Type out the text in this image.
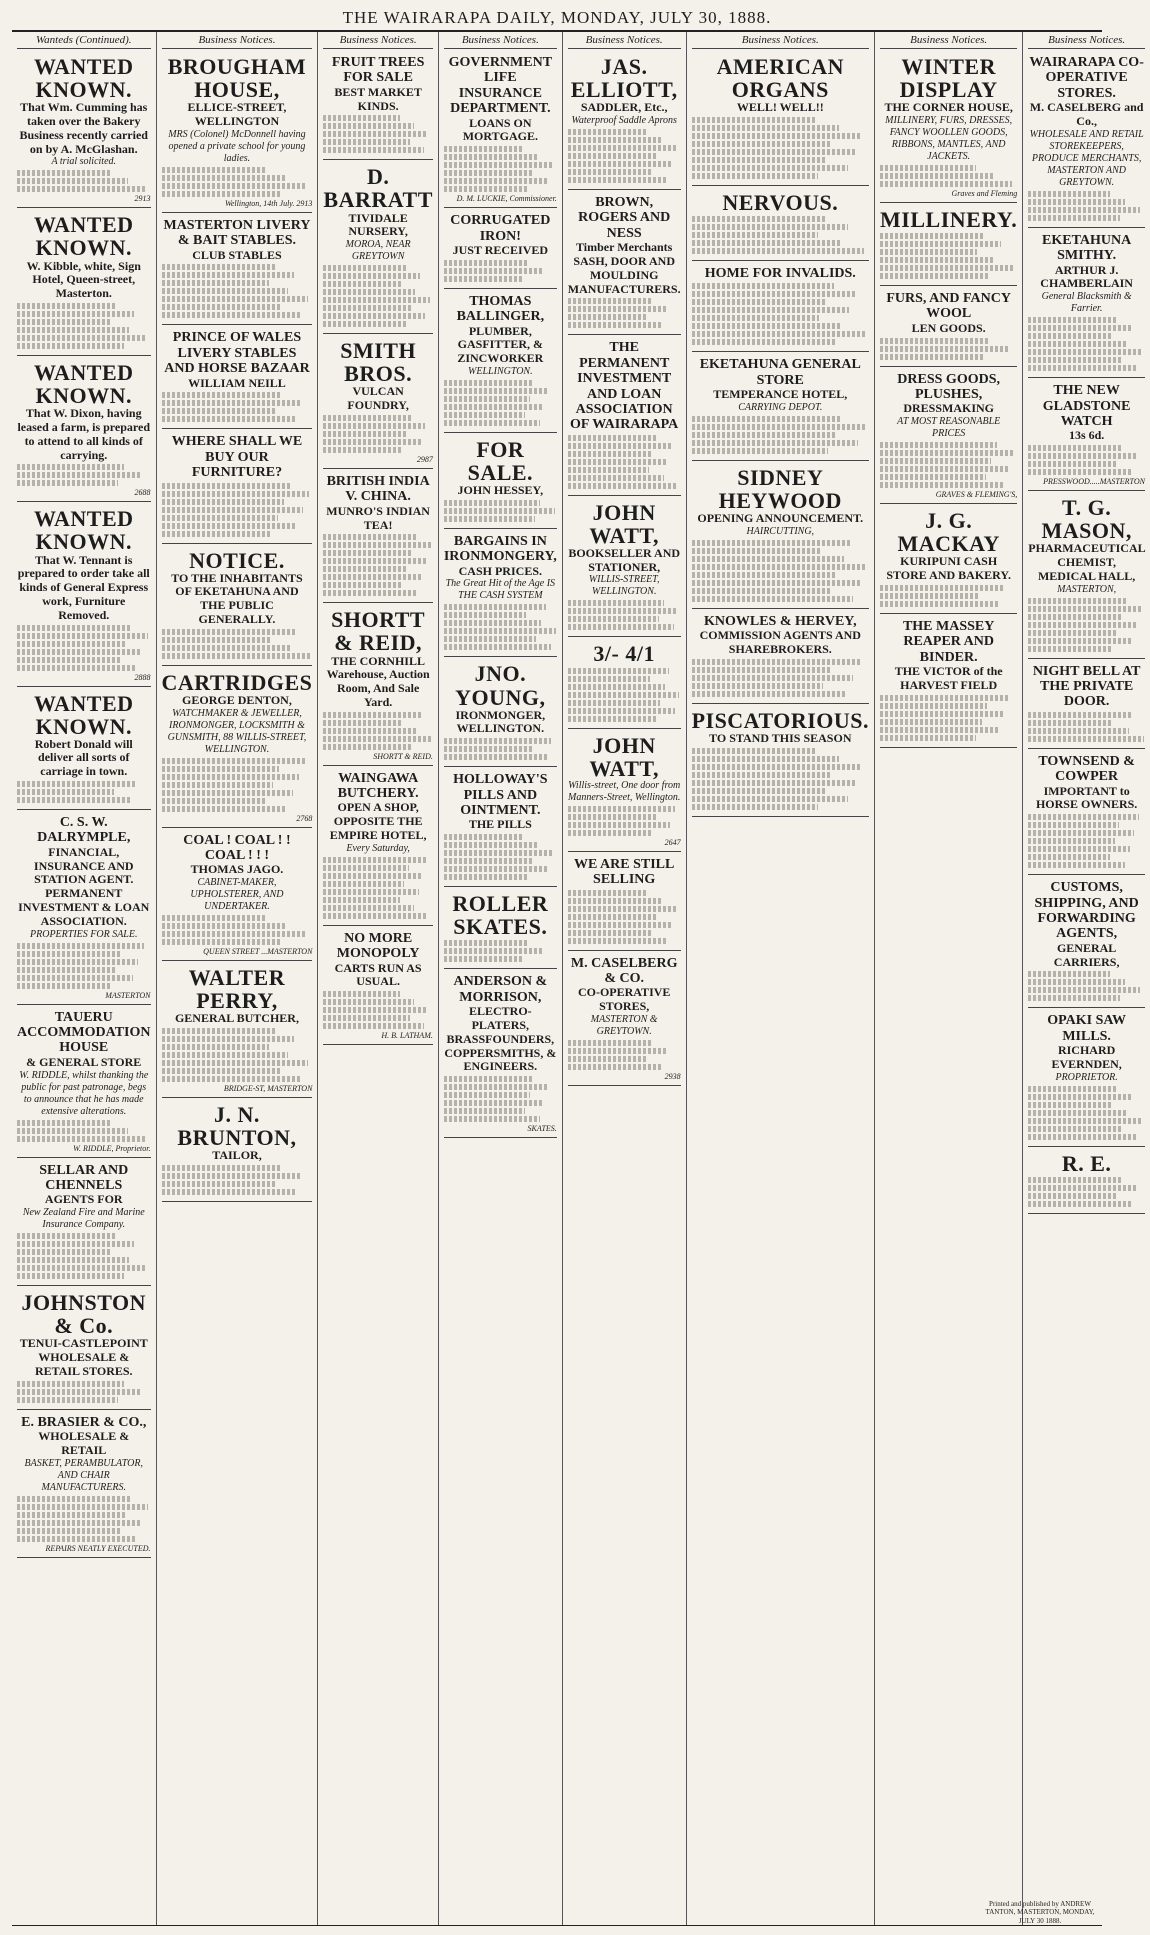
THE WAIRARAPA DAILY, MONDAY, JULY 30, 1888.
Wanteds (Continued).
WANTED KNOWN.
That Wm. Cumming has taken over the Bakery Business recently carried on by A. McGlashan.
A trial solicited.
2913
WANTED KNOWN.
W. Kibble, white, Sign Hotel, Queen-street, Masterton.
WANTED KNOWN.
That W. Dixon, having leased a farm, is prepared to attend to all kinds of carrying.
2688
WANTED KNOWN.
That W. Tennant is prepared to order take all kinds of General Express work, Furniture Removed.
2888
WANTED KNOWN.
Robert Donald will deliver all sorts of carriage in town.
C. S. W. DALRYMPLE,
FINANCIAL, INSURANCE AND STATION AGENT. PERMANENT INVESTMENT & LOAN ASSOCIATION.
PROPERTIES FOR SALE.
MASTERTON
TAUERU ACCOMMODATION HOUSE
& GENERAL STORE
W. RIDDLE, whilst thanking the public for past patronage, begs to announce that he has made extensive alterations.
W. RIDDLE, Proprietor.
SELLAR AND CHENNELS
AGENTS FOR
New Zealand Fire and Marine Insurance Company.
JOHNSTON & Co.
TENUI-CASTLEPOINT WHOLESALE & RETAIL STORES.
E. BRASIER & CO.,
WHOLESALE & RETAIL
BASKET, PERAMBULATOR, AND CHAIR MANUFACTURERS.
REPAIRS NEATLY EXECUTED.
Business Notices.
BROUGHAM HOUSE,
ELLICE-STREET, WELLINGTON
MRS (Colonel) McDonnell having opened a private school for young ladies.
Wellington, 14th July. 2913
MASTERTON LIVERY & BAIT STABLES.
CLUB STABLES
PRINCE OF WALES LIVERY STABLES AND HORSE BAZAAR
WILLIAM NEILL
WHERE SHALL WE BUY OUR FURNITURE?
NOTICE.
TO THE INHABITANTS OF EKETAHUNA AND THE PUBLIC GENERALLY.
CARTRIDGES
GEORGE DENTON,
WATCHMAKER & JEWELLER, IRONMONGER, LOCKSMITH & GUNSMITH, 88 WILLIS-STREET, WELLINGTON.
2768
COAL ! COAL ! ! COAL ! ! !
THOMAS JAGO.
CABINET-MAKER, UPHOLSTERER, AND UNDERTAKER.
QUEEN STREET ...MASTERTON
WALTER PERRY,
GENERAL BUTCHER,
BRIDGE-ST, MASTERTON
J. N. BRUNTON,
TAILOR,
Business Notices.
FRUIT TREES FOR SALE
BEST MARKET KINDS.
D. BARRATT
TIVIDALE NURSERY,
MOROA, NEAR GREYTOWN
SMITH BROS.
VULCAN FOUNDRY,
2987
BRITISH INDIA V. CHINA.
MUNRO'S INDIAN TEA!
SHORTT & REID,
THE CORNHILL Warehouse, Auction Room, And Sale Yard.
SHORTT & REID.
WAINGAWA BUTCHERY.
OPEN A SHOP, OPPOSITE THE EMPIRE HOTEL,
Every Saturday,
NO MORE MONOPOLY
CARTS RUN AS USUAL.
H. B. LATHAM.
Business Notices.
GOVERNMENT LIFE INSURANCE DEPARTMENT.
LOANS ON MORTGAGE.
D. M. LUCKIE, Commissioner.
CORRUGATED IRON!
JUST RECEIVED
THOMAS BALLINGER,
PLUMBER, GASFITTER, & ZINCWORKER
WELLINGTON.
FOR SALE.
JOHN HESSEY,
BARGAINS IN IRONMONGERY,
CASH PRICES.
The Great Hit of the Age IS THE CASH SYSTEM
JNO. YOUNG,
IRONMONGER, WELLINGTON.
HOLLOWAY'S PILLS AND OINTMENT.
THE PILLS
ROLLER SKATES.
ANDERSON & MORRISON,
ELECTRO-PLATERS, BRASSFOUNDERS, COPPERSMITHS, & ENGINEERS.
SKATES.
Business Notices.
JAS. ELLIOTT,
SADDLER, Etc.,
Waterproof Saddle Aprons
BROWN, ROGERS AND NESS
Timber Merchants SASH, DOOR AND MOULDING MANUFACTURERS.
THE PERMANENT INVESTMENT AND LOAN ASSOCIATION OF WAIRARAPA
JOHN WATT,
BOOKSELLER AND STATIONER,
WILLIS-STREET, WELLINGTON.
3/- 4/1
JOHN WATT,
Willis-street, One door from Manners-Street, Wellington.
2647
WE ARE STILL SELLING
M. CASELBERG & CO.
CO-OPERATIVE STORES,
MASTERTON & GREYTOWN.
2938
Business Notices.
AMERICAN ORGANS
WELL! WELL!!
NERVOUS.
HOME FOR INVALIDS.
EKETAHUNA GENERAL STORE
TEMPERANCE HOTEL,
CARRYING DEPOT.
SIDNEY HEYWOOD
OPENING ANNOUNCEMENT.
HAIRCUTTING,
KNOWLES & HERVEY,
COMMISSION AGENTS AND SHAREBROKERS.
PISCATORIOUS.
TO STAND THIS SEASON
Business Notices.
WINTER DISPLAY
THE CORNER HOUSE,
MILLINERY, FURS, DRESSES, FANCY WOOLLEN GOODS, RIBBONS, MANTLES, AND JACKETS.
Graves and Fleming
MILLINERY.
FURS, AND FANCY WOOL
LEN GOODS.
DRESS GOODS, PLUSHES,
DRESSMAKING
AT MOST REASONABLE PRICES
GRAVES & FLEMING'S,
J. G. MACKAY
KURIPUNI CASH STORE AND BAKERY.
THE MASSEY REAPER AND BINDER.
THE VICTOR of the HARVEST FIELD
Business Notices.
WAIRARAPA CO-OPERATIVE STORES.
M. CASELBERG and Co.,
WHOLESALE AND RETAIL STOREKEEPERS, PRODUCE MERCHANTS, MASTERTON AND GREYTOWN.
EKETAHUNA SMITHY.
ARTHUR J. CHAMBERLAIN
General Blacksmith & Farrier.
THE NEW GLADSTONE WATCH
13s 6d.
PRESSWOOD.....MASTERTON
T. G. MASON,
PHARMACEUTICAL CHEMIST, MEDICAL HALL,
MASTERTON,
NIGHT BELL AT THE PRIVATE DOOR.
TOWNSEND & COWPER
IMPORTANT to HORSE OWNERS.
CUSTOMS, SHIPPING, AND FORWARDING AGENTS,
GENERAL CARRIERS,
OPAKI SAW MILLS.
RICHARD EVERNDEN,
PROPRIETOR.
R. E.
Printed and published by ANDREW TANTON, MASTERTON, MONDAY, JULY 30 1888.
